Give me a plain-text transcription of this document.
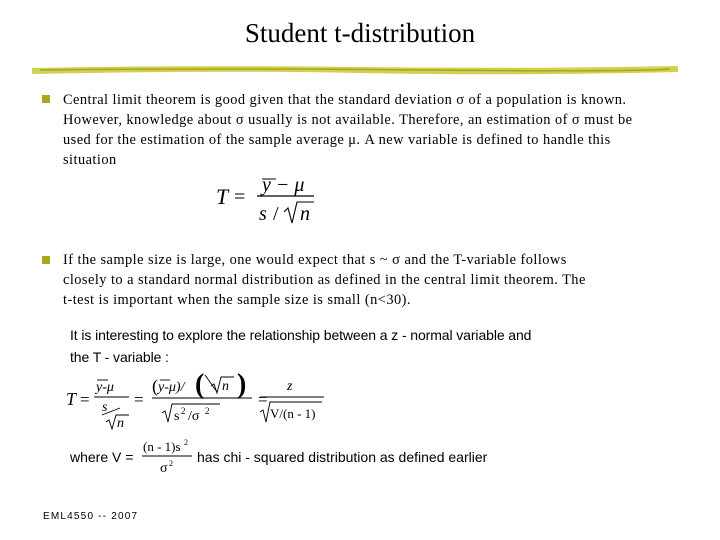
Student t-distribution
Central limit theorem is good given that the standard deviation σ of a population is known.
However, knowledge about σ usually is not available. Therefore, an estimation of σ must be
used for the estimation of the sample average μ. A new variable is defined to handle this
situation
T =
y − μ
s / n
If the sample size is large, one would expect that s ~ σ and the T-variable follows
closely to a standard normal distribution as defined in the central limit theorem. The
t-test is important when the sample size is small (n<30).
It is interesting to explore the relationship between a z - normal variable and
the T - variable :
T =
y-μ
s
n
=
( y-μ)/ ( n )
s 2 /σ 2
=
z
V/(n - 1)
where V =
(n - 1)s 2
σ 2 has chi - squared distribution as defined earlier
EML4550 -- 2007
